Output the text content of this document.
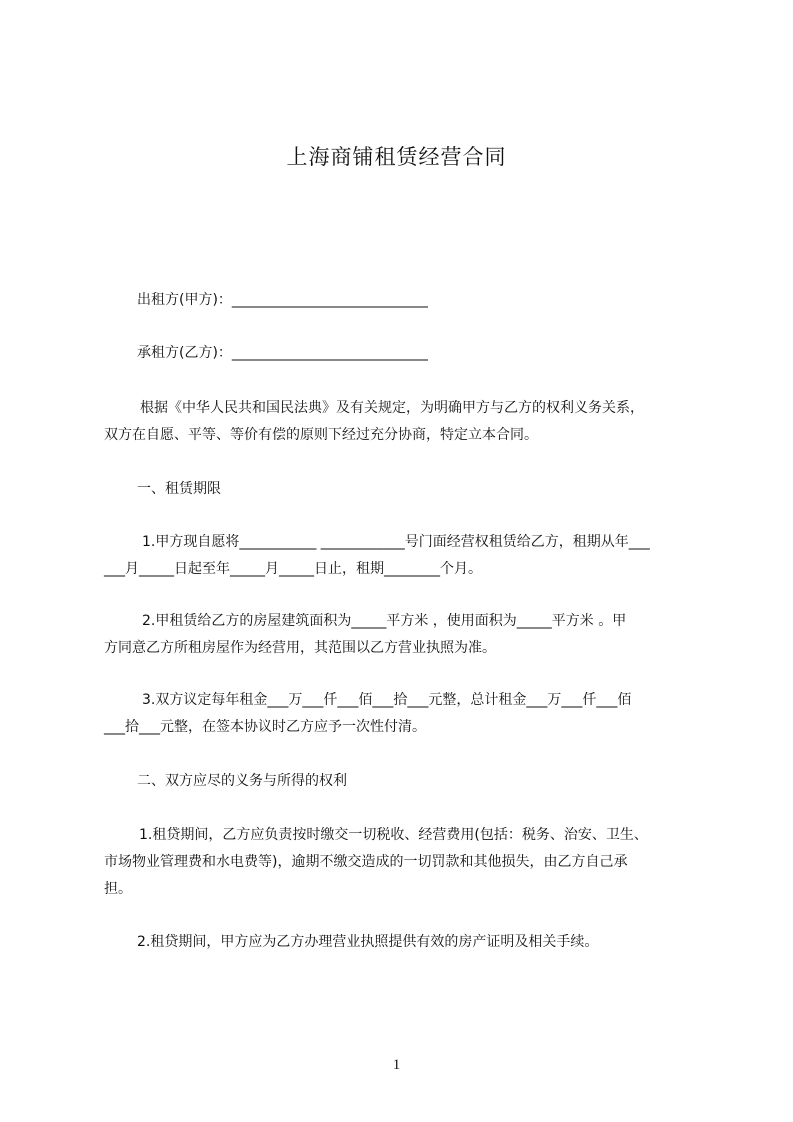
上海商铺租赁经营合同
出租方(甲方)：____________________________
承租方(乙方)：____________________________
根据《中华人民共和国民法典》及有关规定，为明确甲方与乙方的权利义务关系，
双方在自愿、平等、等价有偿的原则下经过充分协商，特定立本合同。
一、租赁期限
1.甲方现自愿将___________ ____________号门面经营权租赁给乙方，租期从年___
___月_____日起至年_____月_____日止，租期________个月。
2.甲租赁给乙方的房屋建筑面积为_____平方米 ，使用面积为_____平方米 。甲
方同意乙方所租房屋作为经营用，其范围以乙方营业执照为准。
3.双方议定每年租金___万___仟___佰___拾___元整，总计租金___万___仟___佰
___拾___元整，在签本协议时乙方应予一次性付清。
二、双方应尽的义务与所得的权利
1.租贷期间，乙方应负责按时缴交一切税收、经营费用(包括：税务、治安、卫生、
市场物业管理费和水电费等)，逾期不缴交造成的一切罚款和其他损失，由乙方自己承
担。
2.租贷期间，甲方应为乙方办理营业执照提供有效的房产证明及相关手续。
1
